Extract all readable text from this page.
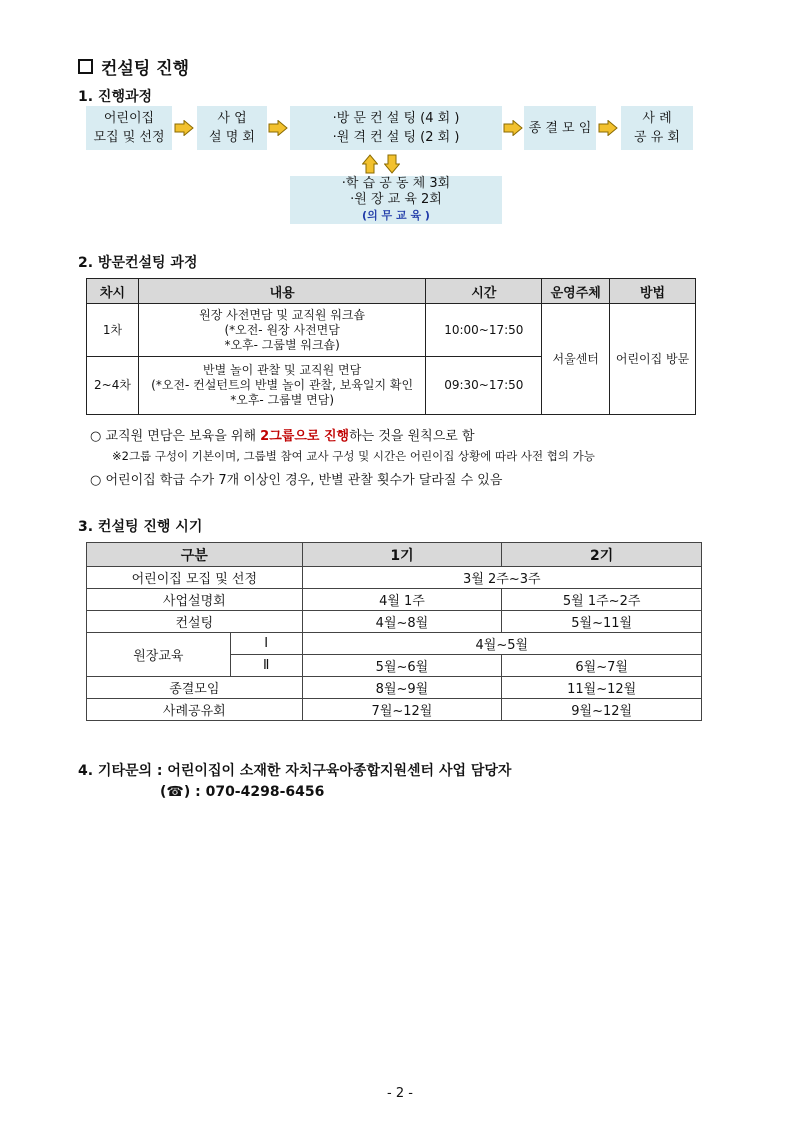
컨설팅 진행
1. 진행과정
어린이집
모집 및 선정
사 업
설 명 회
·방 문 컨 설 팅 (4 회 )
·원 격 컨 설 팅 (2 회 )
종 결 모 임
사 례
공 유 회
·학 습 공 동 체 3회
·원 장 교 육 2회
(의 무 교 육 )
2. 방문컨설팅 과정
차시	내용	시간	운영주체	방법
1차	원장 사전면담 및 교직원 워크숍
(*오전- 원장 사전면담
*오후- 그룹별 워크숍)	10:00~17:50	서울센터	어린이집 방문
2~4차	반별 놀이 관찰 및 교직원 면담
(*오전- 컨설턴트의 반별 놀이 관찰, 보육일지 확인
*오후- 그룹별 면담)	09:30~17:50		
○ 교직원 면담은 보육을 위해 2그룹으로 진행하는 것을 원칙으로 함
※2그룹 구성이 기본이며, 그룹별 참여 교사 구성 및 시간은 어린이집 상황에 따라 사전 협의 가능
○ 어린이집 학급 수가 7개 이상인 경우, 반별 관찰 횟수가 달라질 수 있음
3. 컨설팅 진행 시기
구분		1기	2기
어린이집 모집 및 선정		3월 2주~3주	
사업설명회		4월 1주	5월 1주~2주
컨설팅		4월~8월	5월~11월
원장교육	Ⅰ	4월~5월	
	Ⅱ	5월~6월	6월~7월
종결모임		8월~9월	11월~12월
사례공유회		7월~12월	9월~12월
4. 기타문의 : 어린이집이 소재한 자치구육아종합지원센터 사업 담당자
(☎) : 070-4298-6456
- 2 -
